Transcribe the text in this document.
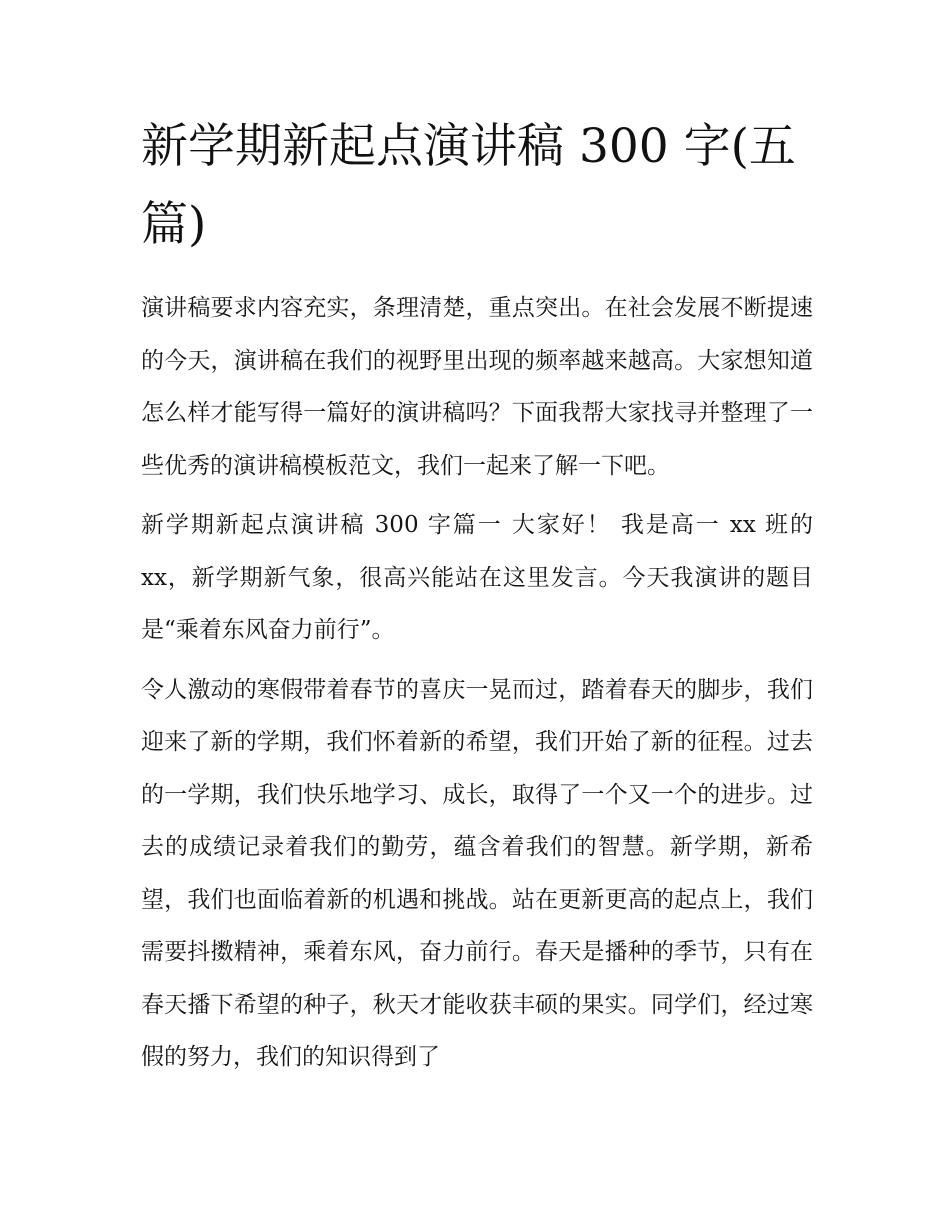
新学期新起点演讲稿 300 字(五篇)

演讲稿要求内容充实，条理清楚，重点突出。在社会发展不断提速的今天，演讲稿在我们的视野里出现的频率越来越高。大家想知道怎么样才能写得一篇好的演讲稿吗？下面我帮大家找寻并整理了一些优秀的演讲稿模板范文，我们一起来了解一下吧。

新学期新起点演讲稿 300 字篇一 大家好！ 我是高一 xx 班的 xx，新学期新气象，很高兴能站在这里发言。今天我演讲的题目是“乘着东风奋力前行”。

令人激动的寒假带着春节的喜庆一晃而过，踏着春天的脚步，我们迎来了新的学期，我们怀着新的希望，我们开始了新的征程。过去的一学期，我们快乐地学习、成长，取得了一个又一个的进步。过去的成绩记录着我们的勤劳，蕴含着我们的智慧。新学期，新希望，我们也面临着新的机遇和挑战。站在更新更高的起点上，我们需要抖擞精神，乘着东风，奋力前行。春天是播种的季节，只有在春天播下希望的种子，秋天才能收获丰硕的果实。同学们，经过寒假的努力，我们的知识得到了
